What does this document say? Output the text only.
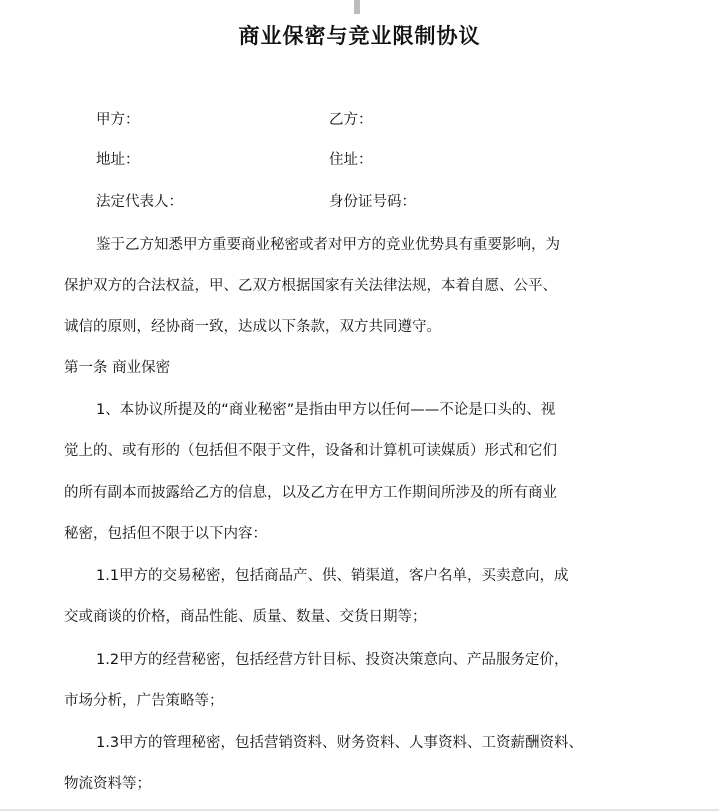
商业保密与竞业限制协议
甲方：	乙方：
地址：	住址：
法定代表人：	身份证号码：
鉴于乙方知悉甲方重要商业秘密或者对甲方的竞业优势具有重要影响，为
保护双方的合法权益，甲、乙双方根据国家有关法律法规，本着自愿、公平、
诚信的原则，经协商一致，达成以下条款，双方共同遵守。
第一条 商业保密
1、本协议所提及的“商业秘密”是指由甲方以任何——不论是口头的、视
觉上的、或有形的（包括但不限于文件，设备和计算机可读媒质）形式和它们
的所有副本而披露给乙方的信息，以及乙方在甲方工作期间所涉及的所有商业
秘密，包括但不限于以下内容：
1.1甲方的交易秘密，包括商品产、供、销渠道，客户名单，买卖意向，成
交或商谈的价格，商品性能、质量、数量、交货日期等；
1.2甲方的经营秘密，包括经营方针目标、投资决策意向、产品服务定价，
市场分析，广告策略等；
1.3甲方的管理秘密，包括营销资料、财务资料、人事资料、工资薪酬资料、
物流资料等；
